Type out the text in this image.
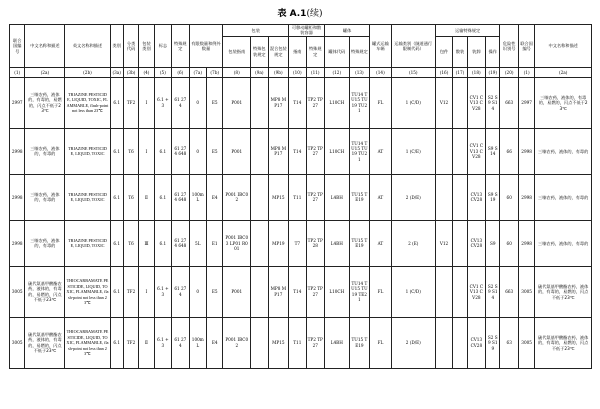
表 A.1(续)
联合国编号	中文名称和描述	英文名称和描述	类别	分类代码	包装类别	标志	特殊规定	有限数量和例外数量		包装			可移动罐柜和散装容器		罐体		罐式运输车辆	运输类别（隧道通行限制代码）	运输特殊规定				危险性识别号	联合国编号	中文名称和描述
										包装指南	特殊包装规定	混合包装规定	指南	特殊规定	罐体代码	特殊规定			包件	散装	装卸	操作			
(1)	(2a)	(2b)	(3a)	(3b)	(4)	(5)	(6)	(7a)	(7b)	(8)	(9a)	(9b)	(10)	(11)	(12)	(13)	(14)	(15)	(16)	(17)	(18)	(19)	(20)	(1)	(2a)
2997	三嗪农药，液体的，有毒的，易燃的，闪点不低于23℃	TRIAZINE PESTICIDE, LIQUID, TOXIC, FLAMMABLE, flash-point not less than 23℃	6.1	TF2	Ⅰ	6.1 + 3	61 274	0	E5	P001		MP8 MP17	T14	TP2 TP27	L10CH	TU14 TU15 TU19 TU21	FL	1 (C/D)	V12		CV1 CV13 CV28	S2 S9 S14	663	2997	三嗪农药，液体的，有毒的，易燃的，闪点不低于23℃
2998	三嗪农药，液体的，有毒的	TRIAZINE PESTICIDE, LIQUID, TOXIC	6.1	T6	Ⅰ	6.1	61 274 648	0	E5	P001		MP8 MP17	T14	TP2 TP27	L10CH	TU14 TU15 TU19 TU21	AT	1 (C/E)			CV1 CV13 CV28	S9 S14	66	2998	三嗪农药，液体的，有毒的
2998	三嗪农药，液体的，有毒的	TRIAZINE PESTICIDE, LIQUID, TOXIC	6.1	T6	Ⅱ	6.1	61 274 648	100mL	E4	P001 IBC02		MP15	T11	TP2 TP27	L4BH	TU15 TE19	AT	2 (D/E)			CV13 CV28	S9 S19	60	2998	三嗪农药，液体的，有毒的
2998	三嗪农药，液体的，有毒的	TRIAZINE PESTICIDE, LIQUID, TOXIC	6.1	T6	Ⅲ	6.1	61 274 648	5L	E1	P001 IBC03 LP01 R001		MP19	T7	TP2 TP28	L4BH	TU15 TE19	AT	2 (E)	V12		CV13 CV28	S9	60	2998	三嗪农药，液体的，有毒的
3005	硫代氨基甲酸酯农药，液体的，有毒的，易燃的，闪点不低于23℃	THIOCARBAMATE PESTICIDE, LIQUID, TOXIC, FLAMMABLE, flash-point not less than 23℃	6.1	TF2	Ⅰ	6.1 + 3	61 274	0	E5	P001		MP8 MP17	T14	TP2 TP27	L10CH	TU14 TU15 TU19 TE21	FL	1 (C/D)			CV1 CV13 CV28	S2 S9 S14	663	3005	硫代氨基甲酸酯农药，液体的，有毒的，易燃的，闪点不低于23℃
3005	硫代氨基甲酸酯农药，液体的，有毒的，易燃的，闪点不低于23℃	THIOCARBAMATE PESTICIDE, LIQUID, TOXIC, FLAMMABLE, flash-point not less than 23℃	6.1	TF2	Ⅱ	6.1 + 3	61 274	100mL	E4	P001 IBC02		MP15	T11	TP2 TP27	L4BH	TU15 TE19	FL	2 (D/E)			CV13 CV28	S2 S9 S19	63	3005	硫代氨基甲酸酯农药，液体的，有毒的，易燃的，闪点不低于23℃
